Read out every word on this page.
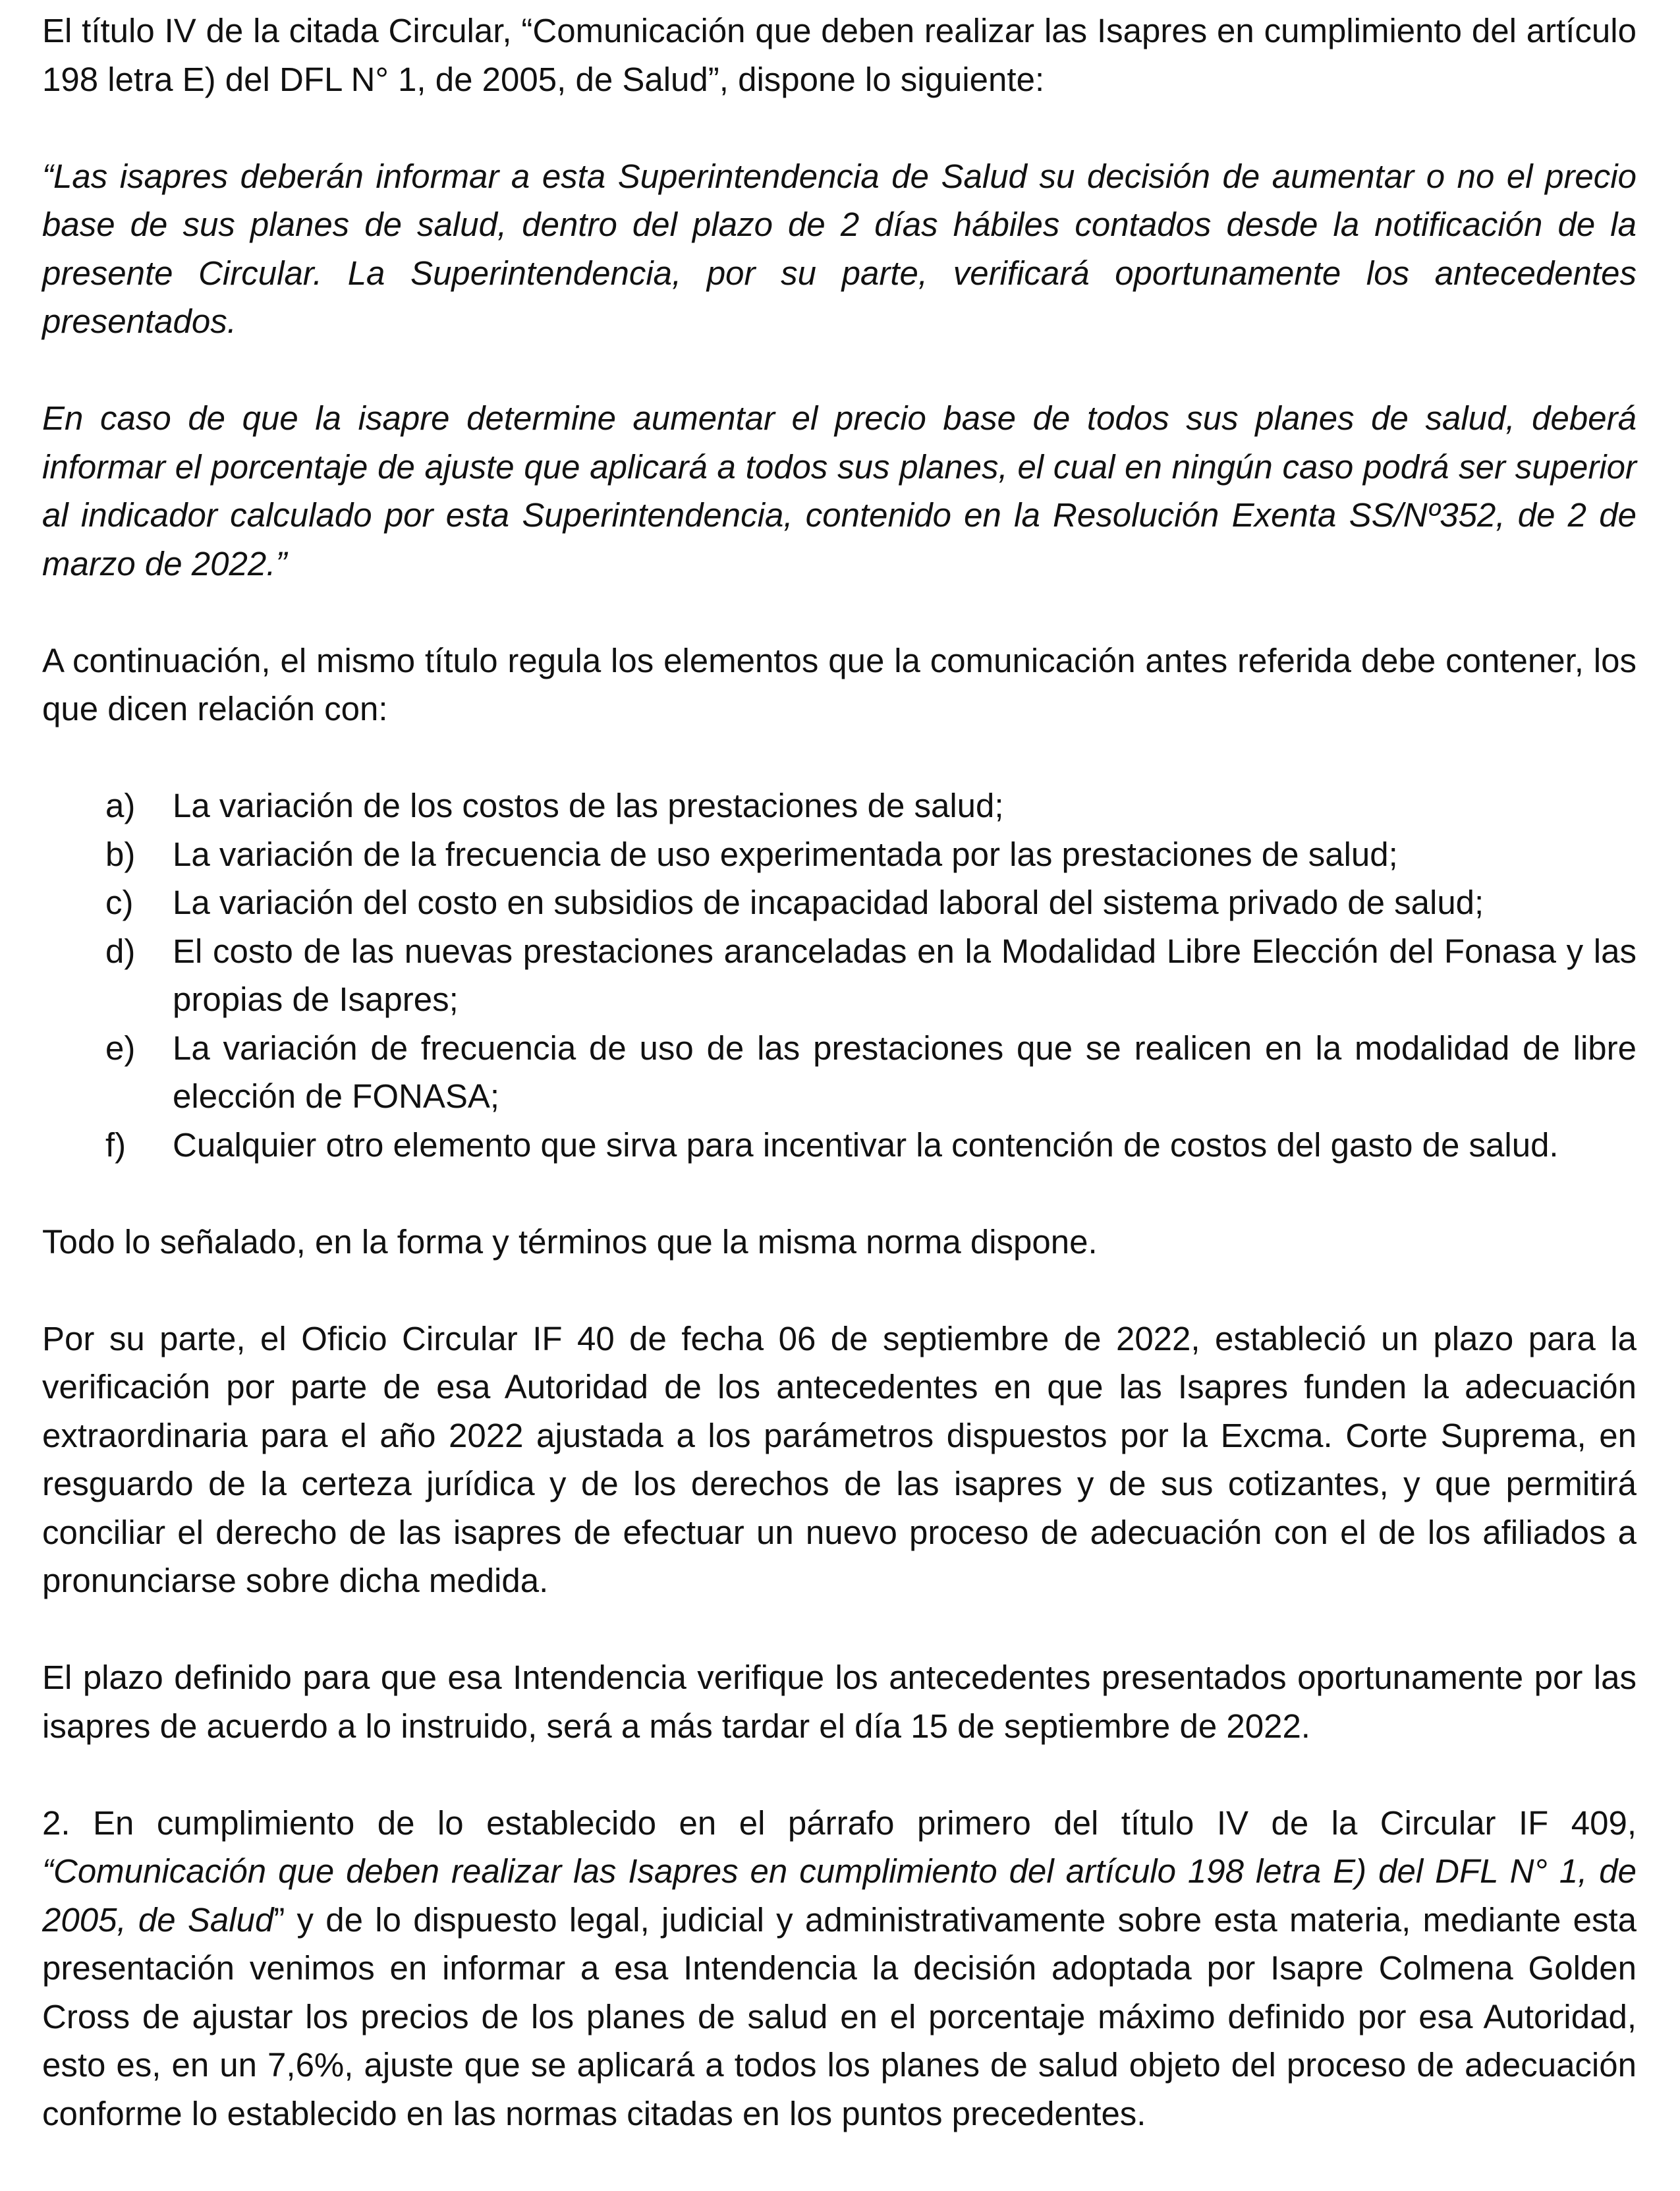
El título IV de la citada Circular, “Comunicación que deben realizar las Isapres en cumplimiento del artículo 198 letra E) del DFL N° 1, de 2005, de Salud”, dispone lo siguiente:

“Las isapres deberán informar a esta Superintendencia de Salud su decisión de aumentar o no el precio base de sus planes de salud, dentro del plazo de 2 días hábiles contados desde la notificación de la presente Circular. La Superintendencia, por su parte, verificará oportunamente los antecedentes presentados.

En caso de que la isapre determine aumentar el precio base de todos sus planes de salud, deberá informar el porcentaje de ajuste que aplicará a todos sus planes, el cual en ningún caso podrá ser superior al indicador calculado por esta Superintendencia, contenido en la Resolución Exenta SS/Nº352, de 2 de marzo de 2022.”

A continuación, el mismo título regula los elementos que la comunicación antes referida debe contener, los que dicen relación con:

a) La variación de los costos de las prestaciones de salud;
b) La variación de la frecuencia de uso experimentada por las prestaciones de salud;
c) La variación del costo en subsidios de incapacidad laboral del sistema privado de salud;
d) El costo de las nuevas prestaciones aranceladas en la Modalidad Libre Elección del Fonasa y las propias de Isapres;
e) La variación de frecuencia de uso de las prestaciones que se realicen en la modalidad de libre elección de FONASA;
f) Cualquier otro elemento que sirva para incentivar la contención de costos del gasto de salud.

Todo lo señalado, en la forma y términos que la misma norma dispone.

Por su parte, el Oficio Circular IF 40 de fecha 06 de septiembre de 2022, estableció un plazo para la verificación por parte de esa Autoridad de los antecedentes en que las Isapres funden la adecuación extraordinaria para el año 2022 ajustada a los parámetros dispuestos por la Excma. Corte Suprema, en resguardo de la certeza jurídica y de los derechos de las isapres y de sus cotizantes, y que permitirá conciliar el derecho de las isapres de efectuar un nuevo proceso de adecuación con el de los afiliados a pronunciarse sobre dicha medida.

El plazo definido para que esa Intendencia verifique los antecedentes presentados oportunamente por las isapres de acuerdo a lo instruido, será a más tardar el día 15 de septiembre de 2022.

2. En cumplimiento de lo establecido en el párrafo primero del título IV de la Circular IF 409, “Comunicación que deben realizar las Isapres en cumplimiento del artículo 198 letra E) del DFL N° 1, de 2005, de Salud” y de lo dispuesto legal, judicial y administrativamente sobre esta materia, mediante esta presentación venimos en informar a esa Intendencia la decisión adoptada por Isapre Colmena Golden Cross de ajustar los precios de los planes de salud en el porcentaje máximo definido por esa Autoridad, esto es, en un 7,6%, ajuste que se aplicará a todos los planes de salud objeto del proceso de adecuación conforme lo establecido en las normas citadas en los puntos precedentes.
